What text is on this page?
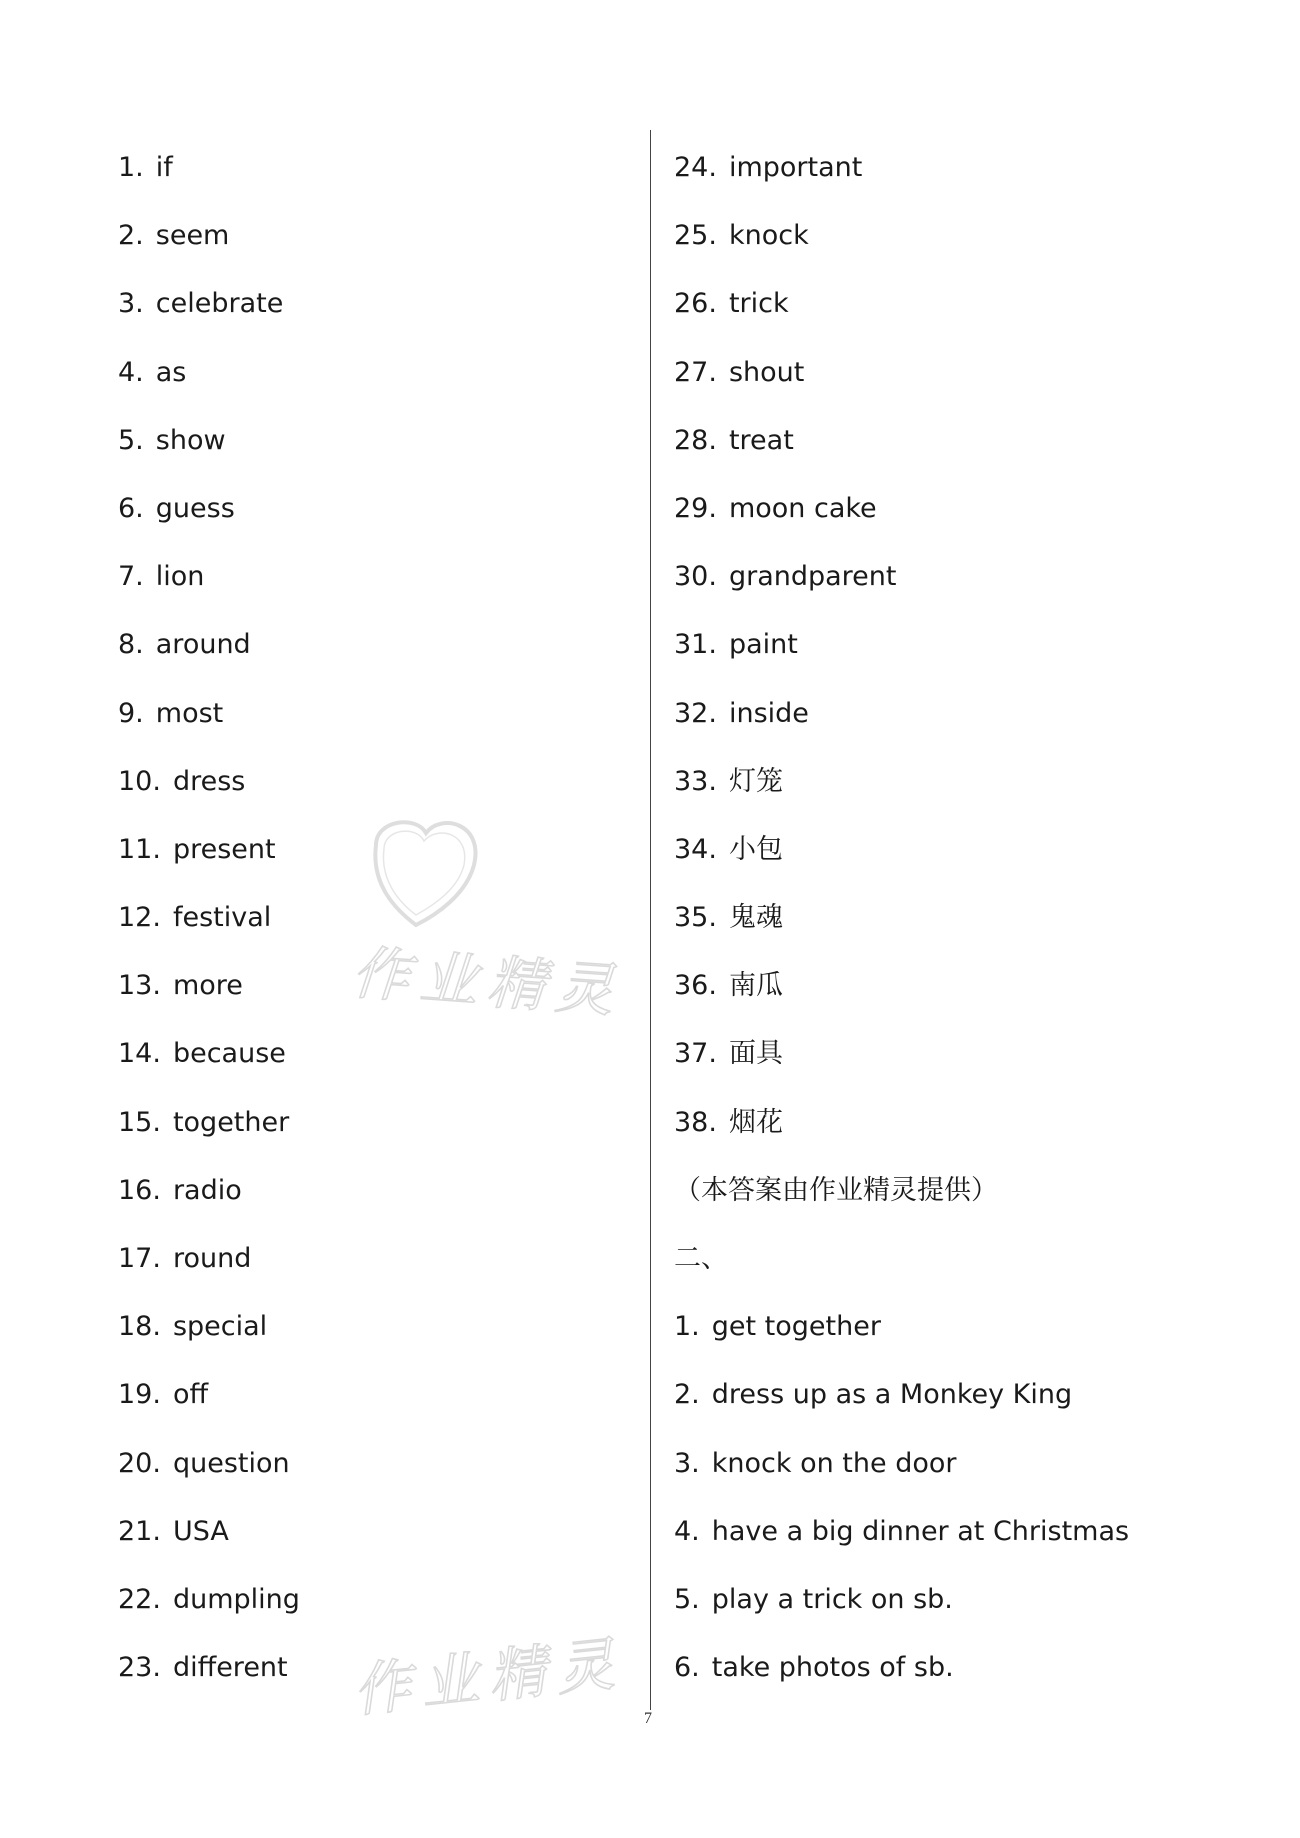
1. if
2. seem
3. celebrate
4. as
5. show
6. guess
7. lion
8. around
9. most
10. dress
11. present
12. festival
13. more
14. because
15. together
16. radio
17. round
18. special
19. off
20. question
21. USA
22. dumpling
23. different
24. important
25. knock
26. trick
27. shout
28. treat
29. moon cake
30. grandparent
31. paint
32. inside
33. 灯笼
34. 小包
35. 鬼魂
36. 南瓜
37. 面具
38. 烟花
（本答案由作业精灵提供）
二、
1. get together
2. dress up as a Monkey King
3. knock on the door
4. have a big dinner at Christmas
5. play a trick on sb.
6. take photos of sb.
作业精灵
作业精灵 7
